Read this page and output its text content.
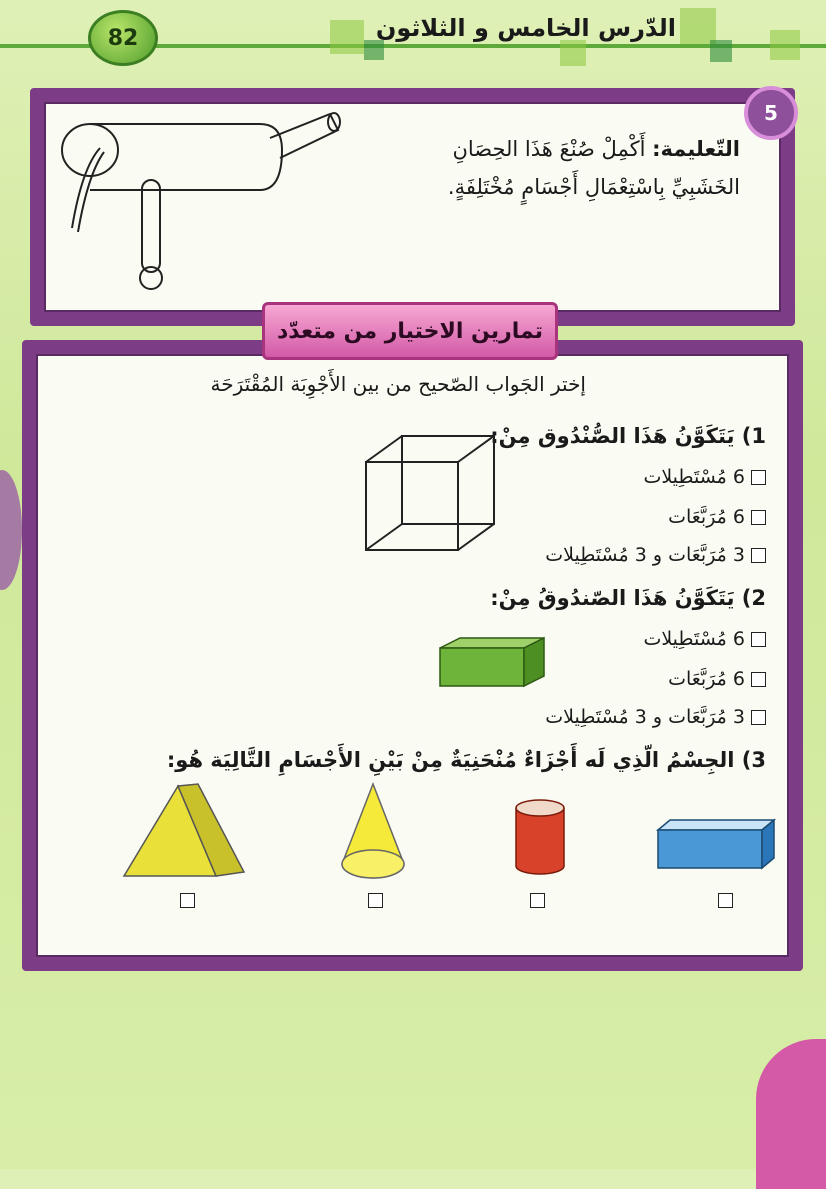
82	الدّرس الخامس و الثلاثون
5
التّعليمة: أَكْمِلْ صُنْعَ هَذَا الحِصَانِ
الخَشَبِيِّ بِاسْتِعْمَالِ أَجْسَامٍ مُخْتَلِفَةٍ.
تمارين الاختيار من متعدّد
إختر الجَواب الصّحيح من بين الأَجْوِبَة المُقْتَرَحَة
1) يَتَكَوَّنُ هَذَا الصُّنْدُوق مِنْ:
6 مُسْتَطِيلات
6 مُرَبَّعَات
3 مُرَبَّعَات و 3 مُسْتَطِيلات
2) يَتَكَوَّنُ هَذَا الصّندُوقُ مِنْ:
6 مُسْتَطِيلات
6 مُرَبَّعَات
3 مُرَبَّعَات و 3 مُسْتَطِيلات
3) الجِسْمُ الّذِي لَه أَجْزَاءٌ مُنْحَنِيَةٌ مِنْ بَيْنِ الأَجْسَامِ التَّالِيَة هُو:
